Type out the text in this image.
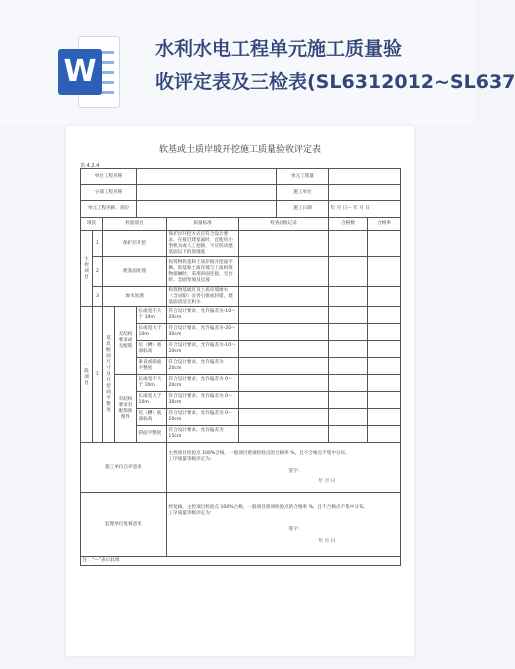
W
水利水电工程单元施工质量验
收评定表及三检表(SL6312012~SL637
软基或土质岸坡开挖施工质量验收评定表
表 4.2.4
单位工程名称							单元工程量		
分部工程名称							施工单位		
单元工程名称、部位							施工日期	年 月 日～ 年 月 日	
项次		检验项目			质量标准	检查(测)记录		合格数	合格率
主控项目	1	保护层开挖			保护层开挖方式应符合设计要求，在接近建基面时，宜使用小型机具或人工挖除，不应扰动建基面以下的原地基				
	2	建基面处理			构筑物软基和土质岸坡开挖面平顺。软基和土质岸坡与土质构筑物接触时，采用斜面连接，无台阶、急剧变坡及反坡				
	3	渗水处理			构筑物基础区及土质岸坡渗水（含泉眼）妥善引排或封堵，建基面清洁无积水				
一般项目	1	基坑断面尺寸及开挖面平整度	无结构要求或无配筋	长或宽不大于 10m	符合设计要求，允许偏差为-10～20cm				
				长或宽大于 10m	符合设计要求，允许偏差为-20～30cm				
				坑（槽）底部标高	符合设计要求，允许偏差为-10～20cm				
				垂直或斜面平整度	符合设计要求，允许偏差为 20cm				
			有结构要求有配筋预埋件	长或宽不大于 10m	符合设计要求，允许偏差为 0～20cm				
				长或宽大于 10m	符合设计要求，允许偏差为 0～30cm				
				坑（槽）底部标高	符合设计要求，允许偏差为 0～20cm				
				斜面平整度	符合设计要求，允许偏差为 15cm				
施工单位自评意见					主控项目检验点 100%合格，一般项目逐项检验点的合格率 %，且不合格点不集中分布。
工序质量等级评定为：
签字：
年 月 日				

监理单位复核意见					经复核，主控项目检验点 100%合格，一般项目逐项检验点的合格率 %，且不合格点不集中分布。
工序质量等级评定为：
签字：
年 月 日				

注：“—”表示此项									
